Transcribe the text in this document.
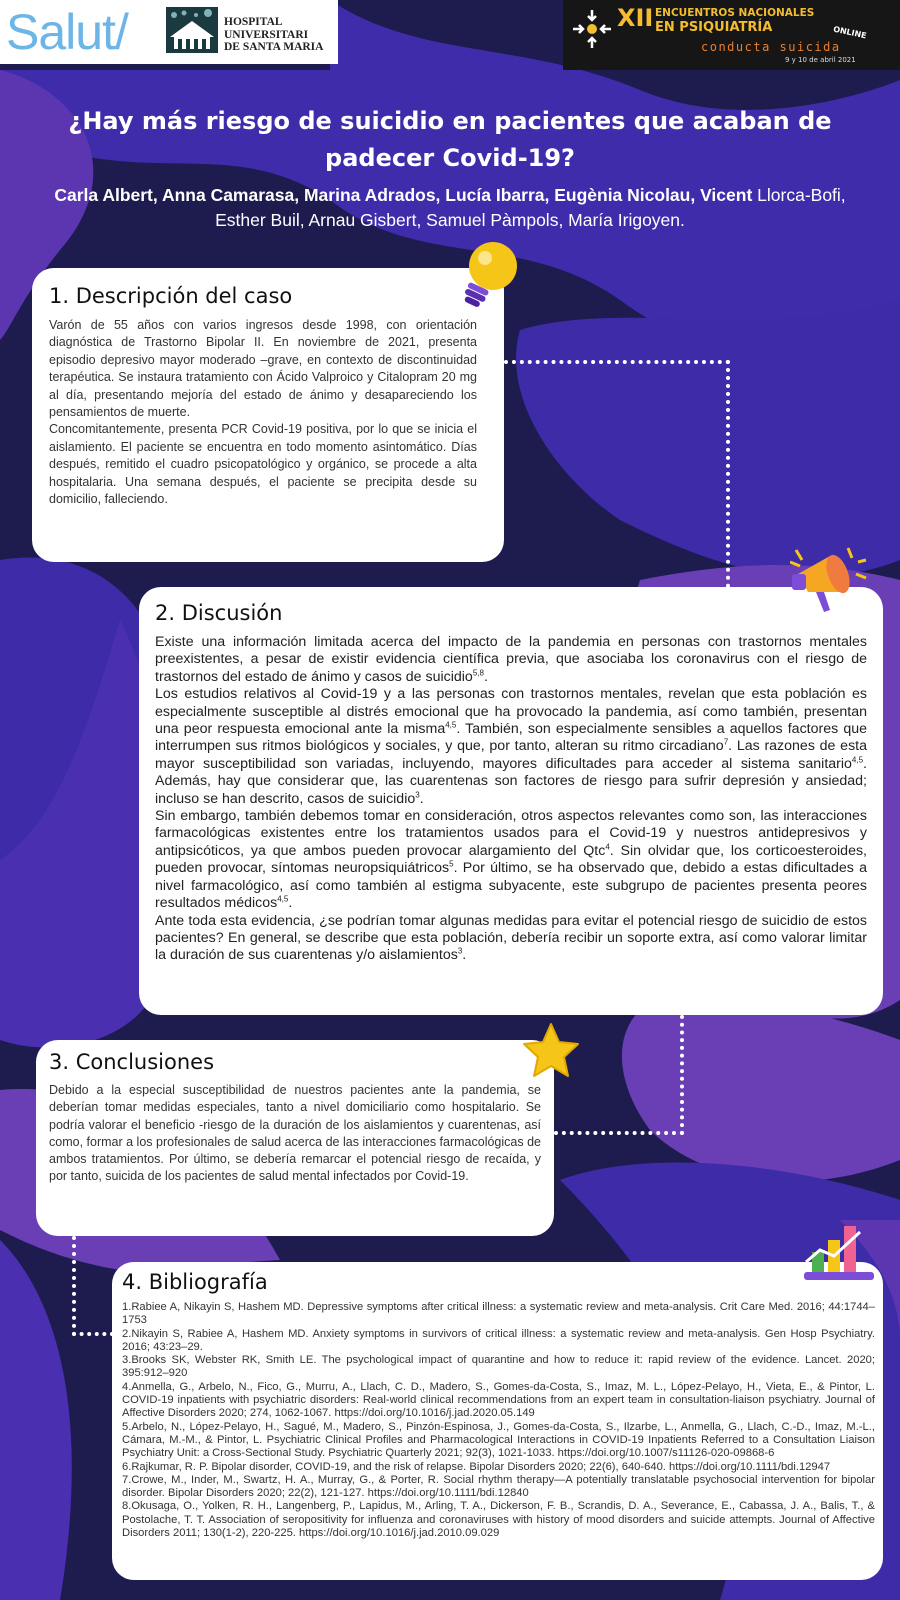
Salut/	HOSPITAL
UNIVERSITARI
DE SANTA MARIA
XII ENCUENTROS NACIONALES
EN PSIQUIATRÍA	ONLINE
conducta suicida
9 y 10 de abril 2021
¿Hay más riesgo de suicidio en pacientes que acaban de padecer Covid-19?
Carla Albert, Anna Camarasa, Marina Adrados, Lucía Ibarra, Eugènia Nicolau, Vicent Llorca-Bofi, Esther Buil, Arnau Gisbert, Samuel Pàmpols, María Irigoyen.
1. Descripción del caso

Varón de 55 años con varios ingresos desde 1998, con orientación diagnóstica de Trastorno Bipolar II. En noviembre de 2021, presenta episodio depresivo mayor moderado –grave, en contexto de discontinuidad terapéutica. Se instaura tratamiento con Ácido Valproico y Citalopram 20 mg al día, presentando mejoría del estado de ánimo y desapareciendo los pensamientos de muerte.

Concomitantemente, presenta PCR Covid-19 positiva, por lo que se inicia el aislamiento. El paciente se encuentra en todo momento asintomático. Días después, remitido el cuadro psicopatológico y orgánico, se procede a alta hospitalaria. Una semana después, el paciente se precipita desde su domicilio, falleciendo.

2. Discusión

Existe una información limitada acerca del impacto de la pandemia en personas con trastornos mentales preexistentes, a pesar de existir evidencia científica previa, que asociaba los coronavirus con el riesgo de trastornos del estado de ánimo y casos de suicidio$^{5,8}$.

Los estudios relativos al Covid-19 y a las personas con trastornos mentales, revelan que esta población es especialmente susceptible al distrés emocional que ha provocado la pandemia, así como también, presentan una peor respuesta emocional ante la misma$^{4,5}$. También, son especialmente sensibles a aquellos factores que interrumpen sus ritmos biológicos y sociales, y que, por tanto, alteran su ritmo circadiano$^7$. Las razones de esta mayor susceptibilidad son variadas, incluyendo, mayores dificultades para acceder al sistema sanitario$^{4,5}$. Además, hay que considerar que, las cuarentenas son factores de riesgo para sufrir depresión y ansiedad; incluso se han descrito, casos de suicidio$^3$.

Sin embargo, también debemos tomar en consideración, otros aspectos relevantes como son, las interacciones farmacológicas existentes entre los tratamientos usados para el Covid-19 y nuestros antidepresivos y antipsicóticos, ya que ambos pueden provocar alargamiento del Qtc$^4$. Sin olvidar que, los corticoesteroides, pueden provocar, síntomas neuropsiquiátricos$^5$. Por último, se ha observado que, debido a estas dificultades a nivel farmacológico, así como también al estigma subyacente, este subgrupo de pacientes presenta peores resultados médicos$^{4,5}$.

Ante toda esta evidencia, ¿se podrían tomar algunas medidas para evitar el potencial riesgo de suicidio de estos pacientes? En general, se describe que esta población, debería recibir un soporte extra, así como valorar limitar la duración de sus cuarentenas y/o aislamientos$^3$.

3. Conclusiones

Debido a la especial susceptibilidad de nuestros pacientes ante la pandemia, se deberían tomar medidas especiales, tanto a nivel domiciliario como hospitalario. Se podría valorar el beneficio -riesgo de la duración de los aislamientos y cuarentenas, así como, formar a los profesionales de salud acerca de las interacciones farmacológicas de ambos tratamientos. Por último, se debería remarcar el potencial riesgo de recaída, y por tanto, suicida de los pacientes de salud mental infectados por Covid-19.

4. Bibliografía
1.Rabiee A, Nikayin S, Hashem MD. Depressive symptoms after critical illness: a systematic review and meta-analysis. Crit Care Med. 2016; 44:1744–1753
2.Nikayin S, Rabiee A, Hashem MD. Anxiety symptoms in survivors of critical illness: a systematic review and meta-analysis. Gen Hosp Psychiatry. 2016; 43:23–29.
3.Brooks SK, Webster RK, Smith LE. The psychological impact of quarantine and how to reduce it: rapid review of the evidence. Lancet. 2020; 395:912–920
4.Anmella, G., Arbelo, N., Fico, G., Murru, A., Llach, C. D., Madero, S., Gomes-da-Costa, S., Imaz, M. L., López-Pelayo, H., Vieta, E., & Pintor, L. COVID-19 inpatients with psychiatric disorders: Real-world clinical recommendations from an expert team in consultation-liaison psychiatry. Journal of Affective Disorders 2020; 274, 1062-1067. https://doi.org/10.1016/j.jad.2020.05.149
5.Arbelo, N., López-Pelayo, H., Sagué, M., Madero, S., Pinzón-Espinosa, J., Gomes-da-Costa, S., Ilzarbe, L., Anmella, G., Llach, C.-D., Imaz, M.-L., Cámara, M.-M., & Pintor, L. Psychiatric Clinical Profiles and Pharmacological Interactions in COVID-19 Inpatients Referred to a Consultation Liaison Psychiatry Unit: a Cross-Sectional Study. Psychiatric Quarterly 2021; 92(3), 1021-1033. https://doi.org/10.1007/s11126-020-09868-6
6.Rajkumar, R. P. Bipolar disorder, COVID-19, and the risk of relapse. Bipolar Disorders 2020; 22(6), 640-640. https://doi.org/10.1111/bdi.12947
7.Crowe, M., Inder, M., Swartz, H. A., Murray, G., & Porter, R. Social rhythm therapy—A potentially translatable psychosocial intervention for bipolar disorder. Bipolar Disorders 2020; 22(2), 121-127. https://doi.org/10.1111/bdi.12840
8.Okusaga, O., Yolken, R. H., Langenberg, P., Lapidus, M., Arling, T. A., Dickerson, F. B., Scrandis, D. A., Severance, E., Cabassa, J. A., Balis, T., & Postolache, T. T. Association of seropositivity for influenza and coronaviruses with history of mood disorders and suicide attempts. Journal of Affective Disorders 2011; 130(1-2), 220-225. https://doi.org/10.1016/j.jad.2010.09.029
